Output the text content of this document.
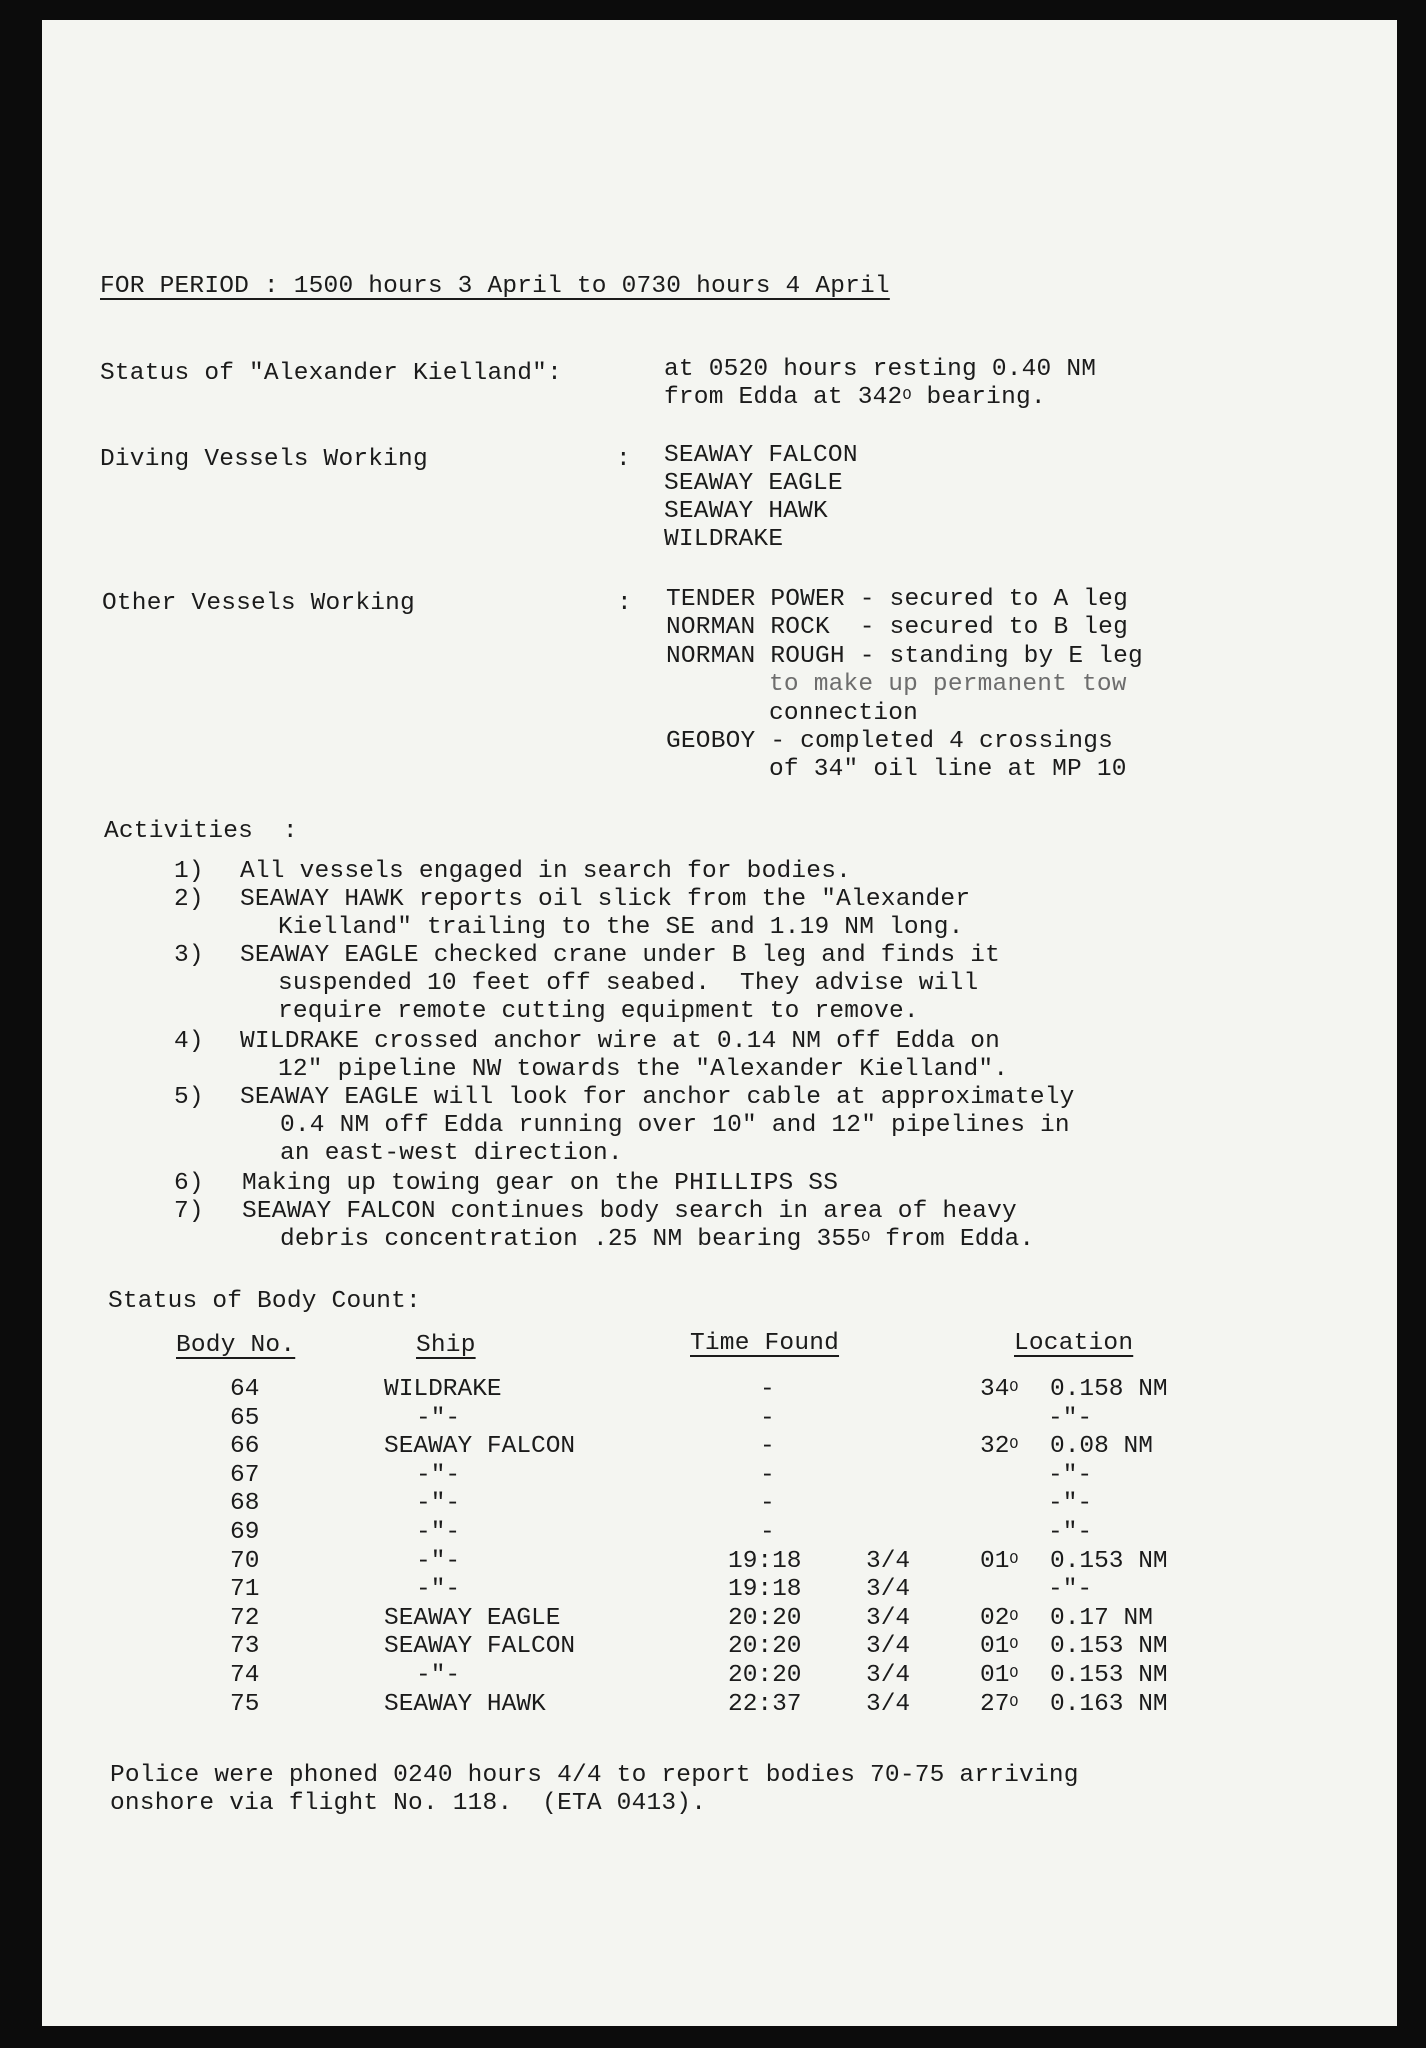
FOR PERIOD : 1500 hours 3 April to 0730 hours 4 April
Status of "Alexander Kielland":	at 0520 hours resting 0.40 NM
from Edda at $342^O$ bearing.
Diving Vessels Working	: SEAWAY FALCON
SEAWAY EAGLE
SEAWAY HAWK
WILDRAKE
Other Vessels Working	: TENDER POWER - secured to A leg
NORMAN ROCK  - secured to B leg
NORMAN ROUGH - standing by E leg
to make up permanent tow
connection
GEOBOY - completed 4 crossings
of 34" oil line at MP 10
Activities  :
1) All vessels engaged in search for bodies.
2) SEAWAY HAWK reports oil slick from the "Alexander
Kielland" trailing to the SE and 1.19 NM long.
3) SEAWAY EAGLE checked crane under B leg and finds it
suspended 10 feet off seabed.  They advise will
require remote cutting equipment to remove.
4) WILDRAKE crossed anchor wire at 0.14 NM off Edda on
12" pipeline NW towards the "Alexander Kielland".
5) SEAWAY EAGLE will look for anchor cable at approximately
0.4 NM off Edda running over 10" and 12" pipelines in
an east-west direction.
6) Making up towing gear on the PHILLIPS SS
7) SEAWAY FALCON continues body search in area of heavy
debris concentration .25 NM bearing $355^O$ from Edda.
Status of Body Count:
Body No.	Ship	Time Found	Location
64	WILDRAKE	-	$34^O$ 0.158 NM
65	-"-	-	-"-
66	SEAWAY FALCON	-	$32^O$ 0.08 NM
67	-"-	-	-"-
68	-"-	-	-"-
69	-"-	-	-"-
70	-"-	19:18	3/4	$01^O$ 0.153 NM
71	-"-	19:18	3/4	-"-
72	SEAWAY EAGLE	20:20	3/4	$02^O$ 0.17 NM
73	SEAWAY FALCON	20:20	3/4	$01^O$ 0.153 NM
74	-"-	20:20	3/4	$01^O$ 0.153 NM
75	SEAWAY HAWK	22:37	3/4	$27^O$ 0.163 NM
Police were phoned 0240 hours 4/4 to report bodies 70-75 arriving
onshore via flight No. 118.  (ETA 0413).
